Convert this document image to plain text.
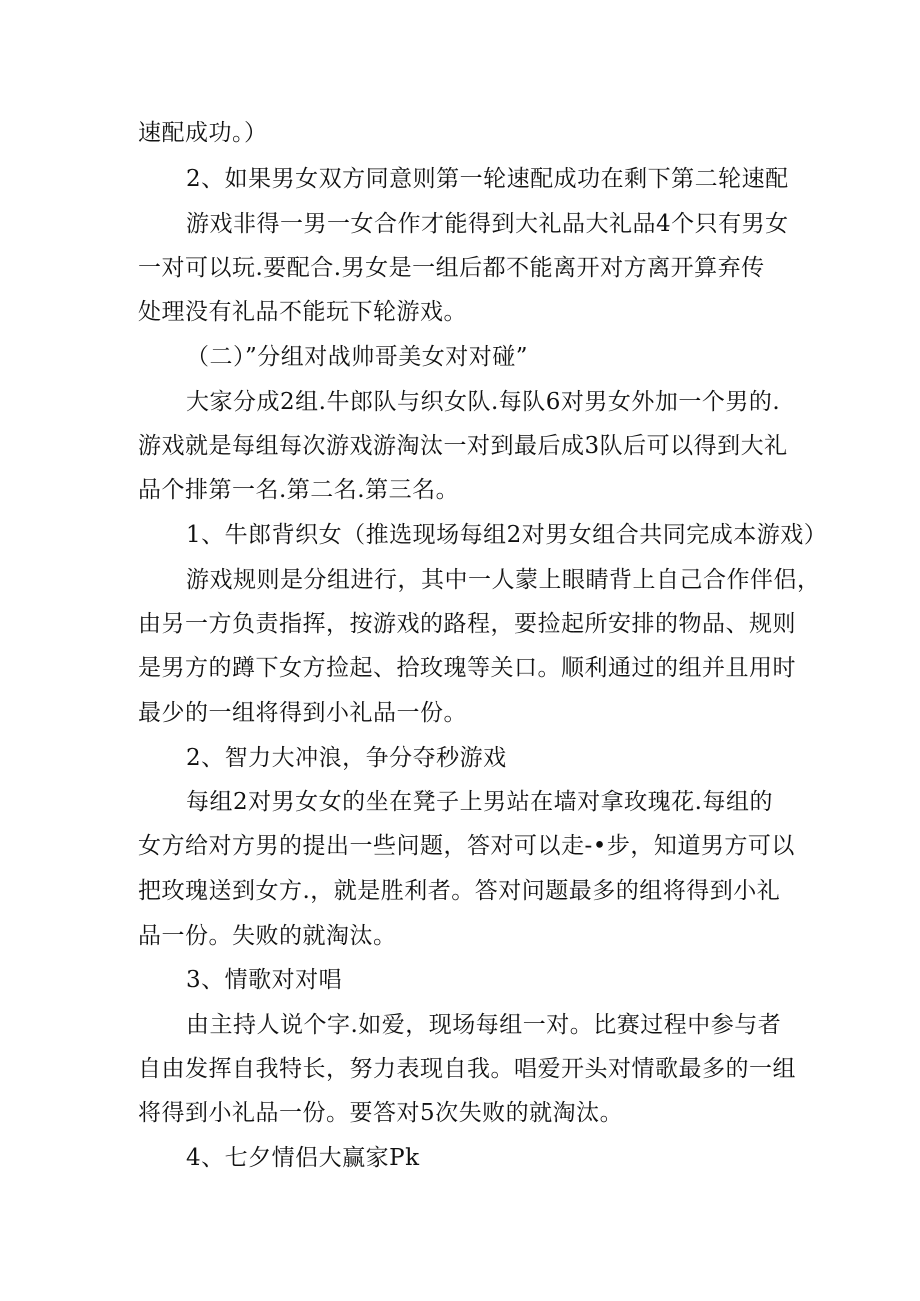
速配成功。）
2、如果男女双方同意则第一轮速配成功在剩下第二轮速配
游戏非得一男一女合作才能得到大礼品大礼品4个只有男女
一对可以玩.要配合.男女是一组后都不能离开对方离开算弃传
处理没有礼品不能玩下轮游戏。
（二）”分组对战帅哥美女对对碰”
大家分成2组.牛郎队与织女队.每队6对男女外加一个男的.
游戏就是每组每次游戏游淘汰一对到最后成3队后可以得到大礼
品个排第一名.第二名.第三名。
1、牛郎背织女（推选现场每组2对男女组合共同完成本游戏）
游戏规则是分组进行，其中一人蒙上眼睛背上自己合作伴侣，
由另一方负责指挥，按游戏的路程，要捡起所安排的物品、规则
是男方的蹲下女方捡起、拾玫瑰等关口。顺利通过的组并且用时
最少的一组将得到小礼品一份。
2、智力大冲浪，争分夺秒游戏
每组2对男女女的坐在凳子上男站在墙对拿玫瑰花.每组的
女方给对方男的提出一些问题，答对可以走-•步，知道男方可以
把玫瑰送到女方.，就是胜利者。答对问题最多的组将得到小礼
品一份。失败的就淘汰。
3、情歌对对唱
由主持人说个字.如爱，现场每组一对。比赛过程中参与者
自由发挥自我特长，努力表现自我。唱爱开头对情歌最多的一组
将得到小礼品一份。要答对5次失败的就淘汰。
4、七夕情侣大赢家Pk
